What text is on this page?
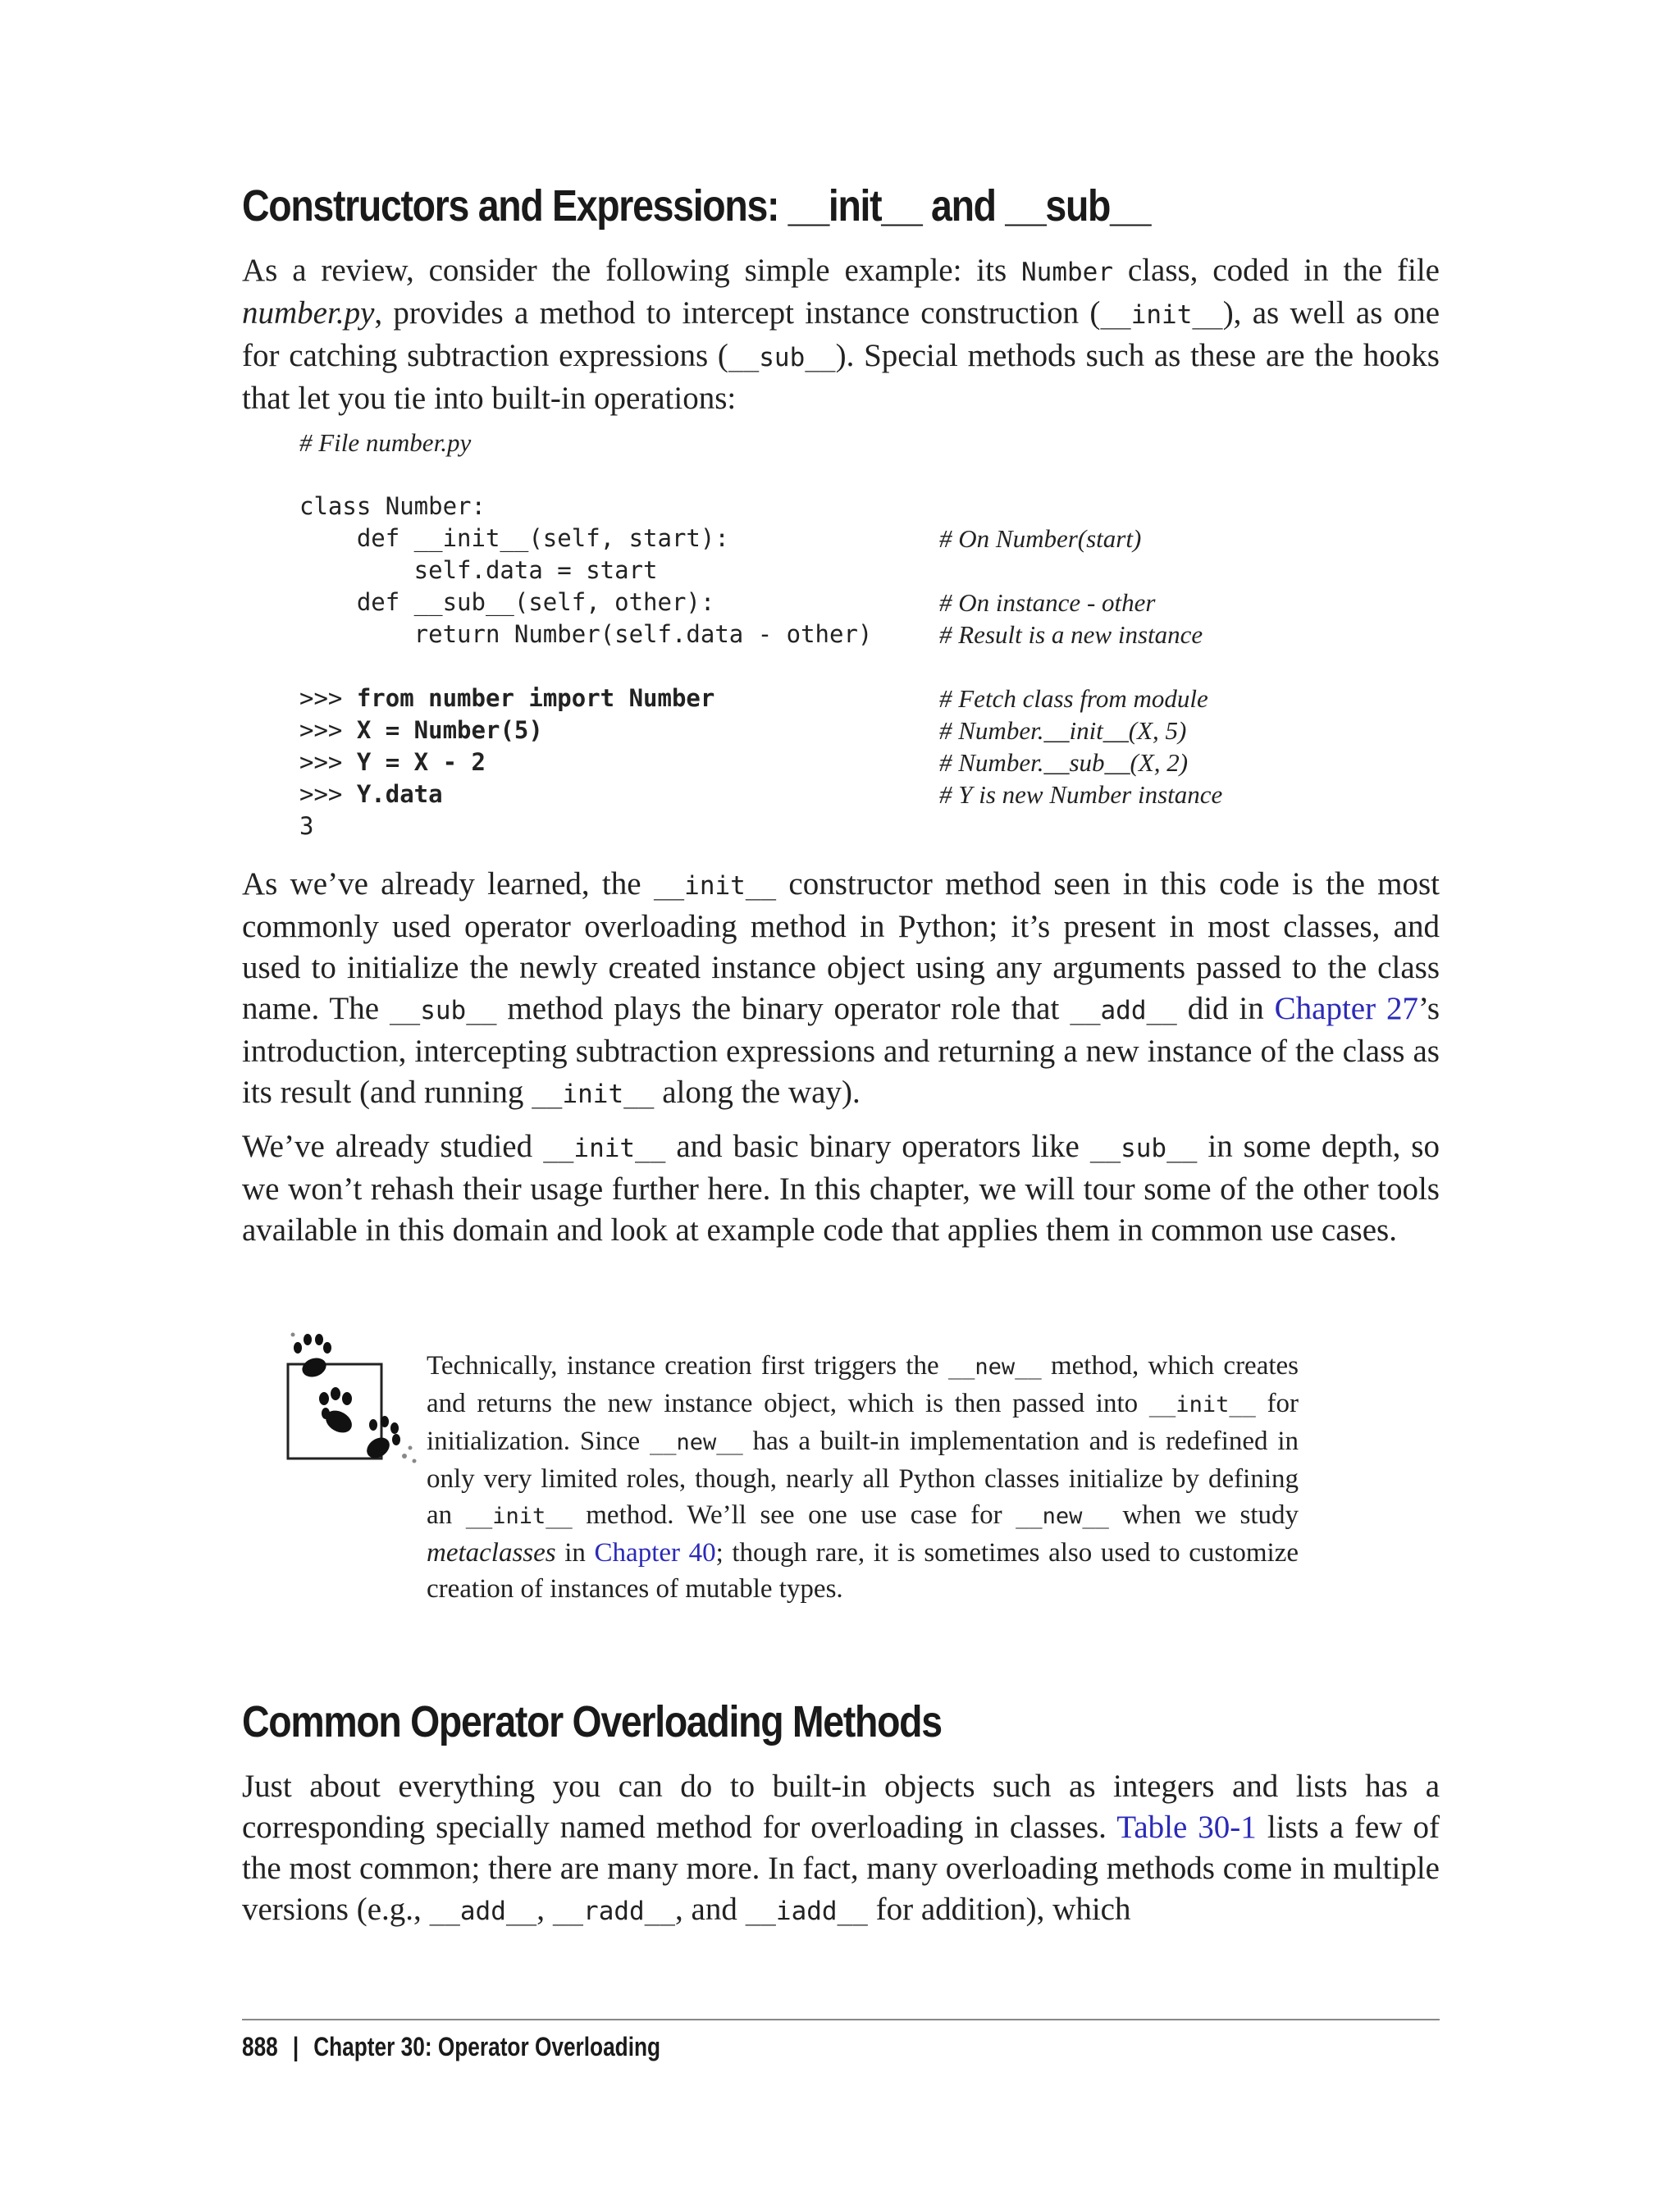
Constructors and Expressions: __init__ and __sub__

As a review, consider the following simple example: its Number class, coded in the file number.py, provides a method to intercept instance construction (__init__), as well as one for catching subtraction expressions (__sub__). Special methods such as these are the hooks that let you tie into built-in operations:

# File number.py
class Number:
def __init__(self, start):	# On Number(start)
self.data = start
def __sub__(self, other):	# On instance - other
return Number(self.data - other)	# Result is a new instance
>>> from number import Number	# Fetch class from module
>>> X = Number(5)	# Number.__init__(X, 5)
>>> Y = X - 2	# Number.__sub__(X, 2)
>>> Y.data	# Y is new Number instance
3

As we’ve already learned, the __init__ constructor method seen in this code is the most commonly used operator overloading method in Python; it’s present in most classes, and used to initialize the newly created instance object using any arguments passed to the class name. The __sub__ method plays the binary operator role that __add__ did in Chapter 27’s introduction, intercepting subtraction expressions and returning a new instance of the class as its result (and running __init__ along the way).

We’ve already studied __init__ and basic binary operators like __sub__ in some depth, so we won’t rehash their usage further here. In this chapter, we will tour some of the other tools available in this domain and look at example code that applies them in common use cases.

Technically, instance creation first triggers the __new__ method, which creates and returns the new instance object, which is then passed into __init__ for initialization. Since __new__ has a built-in implementation and is redefined in only very limited roles, though, nearly all Python classes initialize by defining an __init__ method. We’ll see one use case for __new__ when we study metaclasses in Chapter 40; though rare, it is sometimes also used to customize creation of instances of mutable types.

Common Operator Overloading Methods

Just about everything you can do to built-in objects such as integers and lists has a corresponding specially named method for overloading in classes. Table 30-1 lists a few of the most common; there are many more. In fact, many overloading methods come in multiple versions (e.g., __add__, __radd__, and __iadd__ for addition), which

888 | Chapter 30: Operator Overloading
